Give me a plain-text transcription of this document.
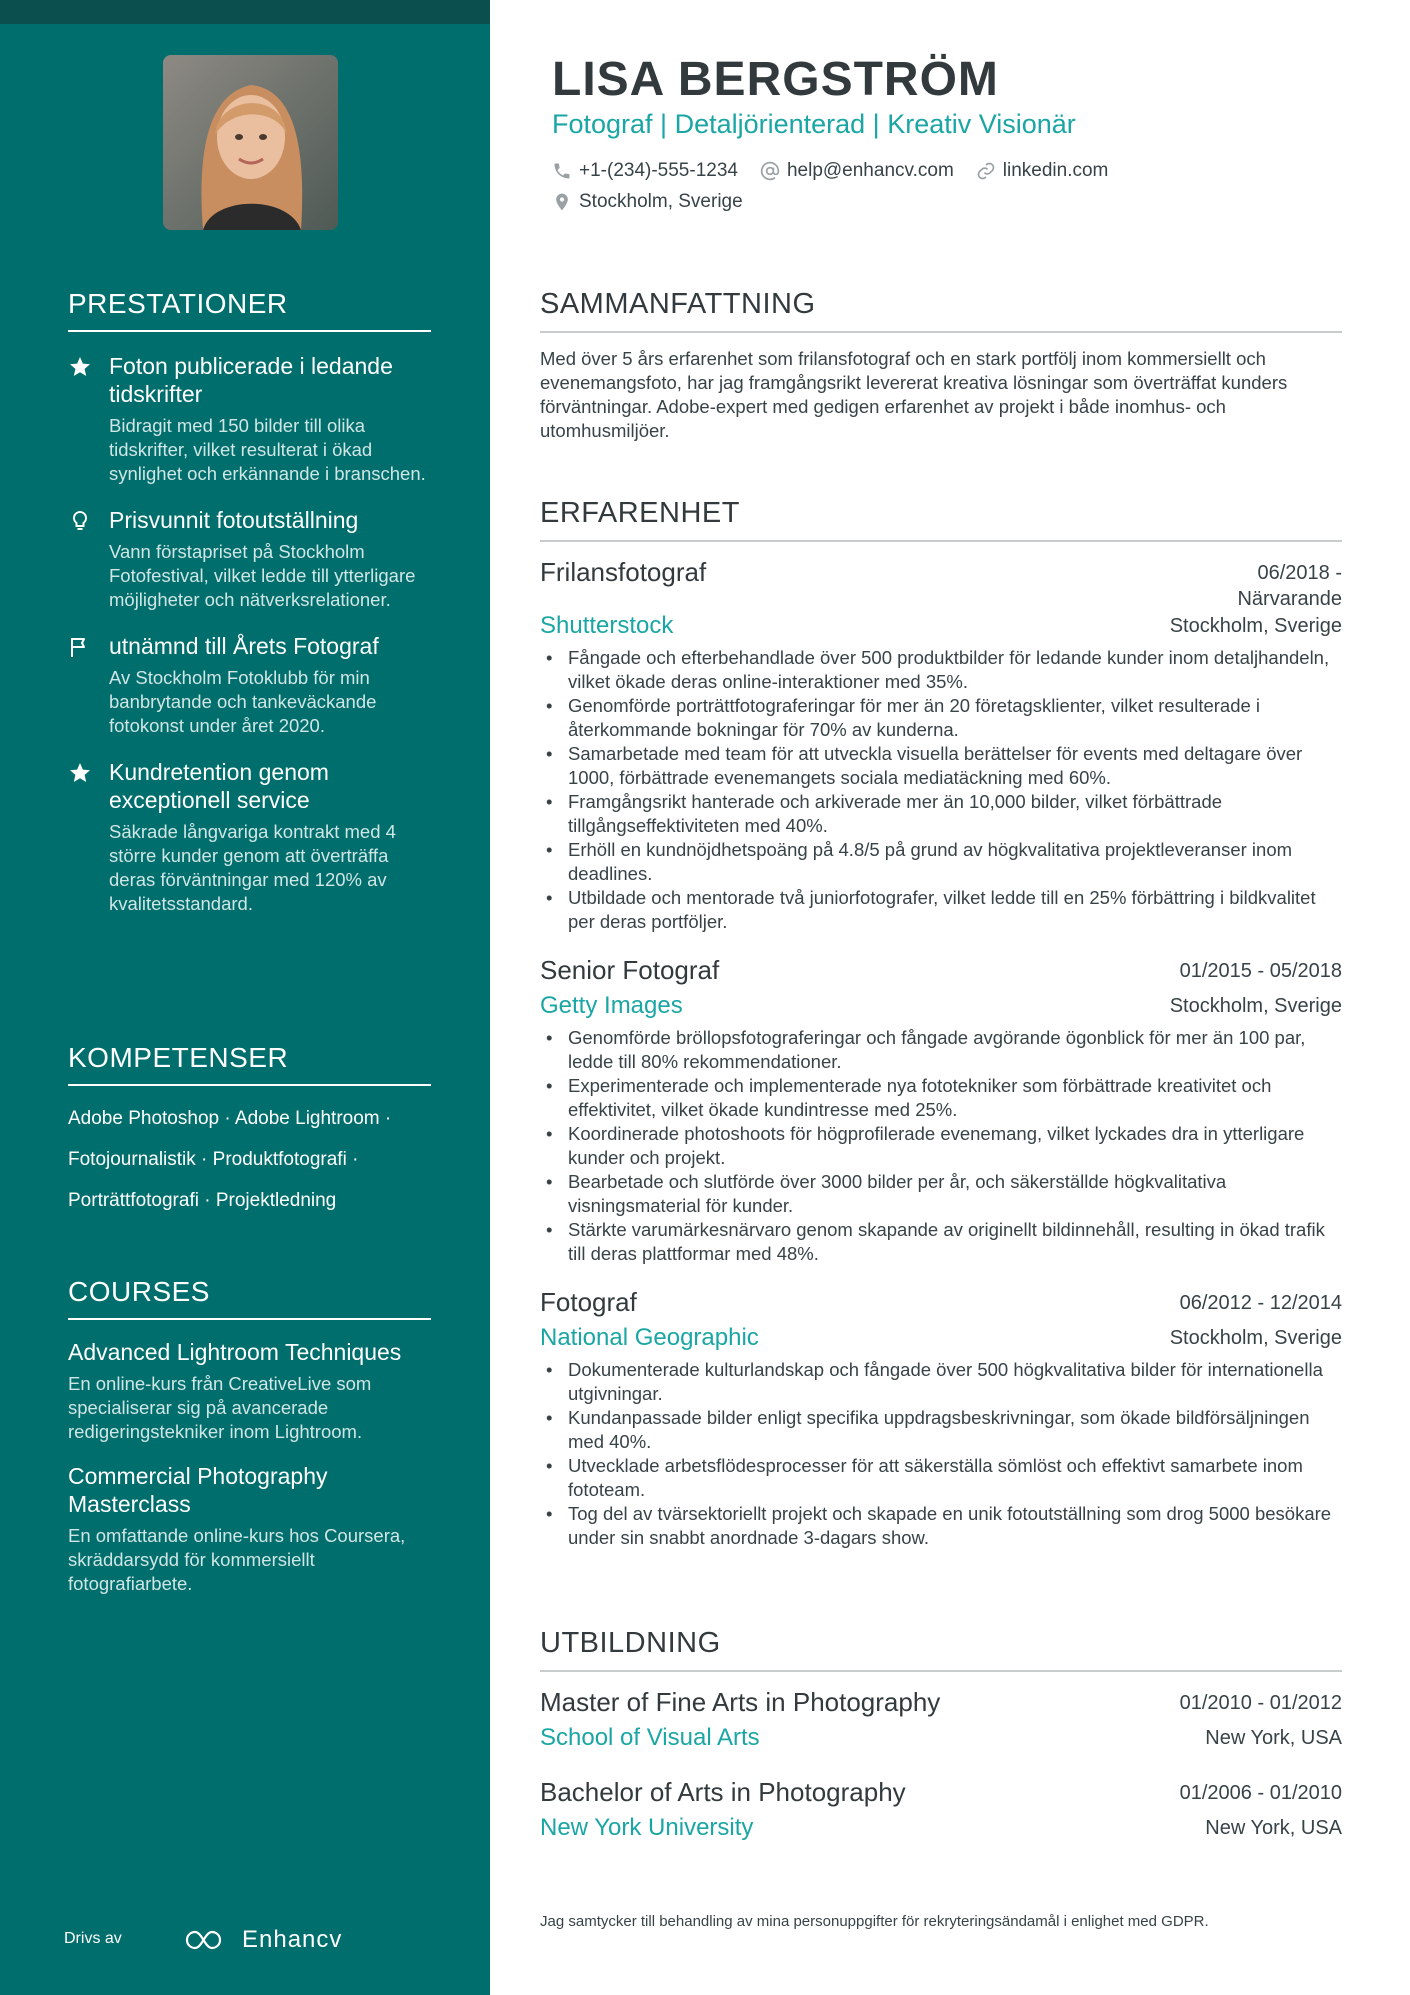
PRESTATIONER
Foton publicerade i ledande tidskrifter
Bidragit med 150 bilder till olika tidskrifter, vilket resulterat i ökad synlighet och erkännande i branschen.
Prisvunnit fotoutställning
Vann förstapriset på Stockholm Fotofestival, vilket ledde till ytterligare möjligheter och nätverksrelationer.
utnämnd till Årets Fotograf
Av Stockholm Fotoklubb för min banbrytande och tankeväckande fotokonst under året 2020.
Kundretention genom exceptionell service
Säkrade långvariga kontrakt med 4 större kunder genom att överträffa deras förväntningar med 120% av kvalitetsstandard.
KOMPETENSER
Adobe Photoshop · Adobe Lightroom ·
Fotojournalistik · Produktfotografi ·
Porträttfotografi · Projektledning
COURSES
Advanced Lightroom Techniques
En online-kurs från CreativeLive som specialiserar sig på avancerade redigeringstekniker inom Lightroom.
Commercial Photography Masterclass
En omfattande online-kurs hos Coursera, skräddarsydd för kommersiellt fotografiarbete.
Drivs av	Enhancv
LISA BERGSTRÖM
Fotograf | Detaljörienterad | Kreativ Visionär
+1-(234)-555-1234	help@enhancv.com	linkedin.com
Stockholm, Sverige
SAMMANFATTNING
Med över 5 års erfarenhet som frilansfotograf och en stark portfölj inom kommersiellt och evenemangsfoto, har jag framgångsrikt levererat kreativa lösningar som överträffat kunders förväntningar. Adobe-expert med gedigen erfarenhet av projekt i både inomhus- och utomhusmiljöer.
ERFARENHET
Frilansfotograf	06/2018 -
Närvarande
Shutterstock	Stockholm, Sverige
• Fångade och efterbehandlade över 500 produktbilder för ledande kunder inom detaljhandeln, vilket ökade deras online-interaktioner med 35%.
• Genomförde porträttfotograferingar för mer än 20 företagsklienter, vilket resulterade i återkommande bokningar för 70% av kunderna.
• Samarbetade med team för att utveckla visuella berättelser för events med deltagare över 1000, förbättrade evenemangets sociala mediatäckning med 60%.
• Framgångsrikt hanterade och arkiverade mer än 10,000 bilder, vilket förbättrade tillgångseffektiviteten med 40%.
• Erhöll en kundnöjdhetspoäng på 4.8/5 på grund av högkvalitativa projektleveranser inom deadlines.
• Utbildade och mentorade två juniorfotografer, vilket ledde till en 25% förbättring i bildkvalitet per deras portföljer.
Senior Fotograf	01/2015 - 05/2018
Getty Images	Stockholm, Sverige
• Genomförde bröllopsfotograferingar och fångade avgörande ögonblick för mer än 100 par, ledde till 80% rekommendationer.
• Experimenterade och implementerade nya fototekniker som förbättrade kreativitet och effektivitet, vilket ökade kundintresse med 25%.
• Koordinerade photoshoots för högprofilerade evenemang, vilket lyckades dra in ytterligare kunder och projekt.
• Bearbetade och slutförde över 3000 bilder per år, och säkerställde högkvalitativa visningsmaterial för kunder.
• Stärkte varumärkesnärvaro genom skapande av originellt bildinnehåll, resulting in ökad trafik till deras plattformar med 48%.
Fotograf	06/2012 - 12/2014
National Geographic	Stockholm, Sverige
• Dokumenterade kulturlandskap och fångade över 500 högkvalitativa bilder för internationella utgivningar.
• Kundanpassade bilder enligt specifika uppdragsbeskrivningar, som ökade bildförsäljningen med 40%.
• Utvecklade arbetsflödesprocesser för att säkerställa sömlöst och effektivt samarbete inom fototeam.
• Tog del av tvärsektoriellt projekt och skapade en unik fotoutställning som drog 5000 besökare under sin snabbt anordnade 3-dagars show.
UTBILDNING
Master of Fine Arts in Photography	01/2010 - 01/2012
School of Visual Arts	New York, USA
Bachelor of Arts in Photography	01/2006 - 01/2010
New York University	New York, USA
Jag samtycker till behandling av mina personuppgifter för rekryteringsändamål i enlighet med GDPR.
